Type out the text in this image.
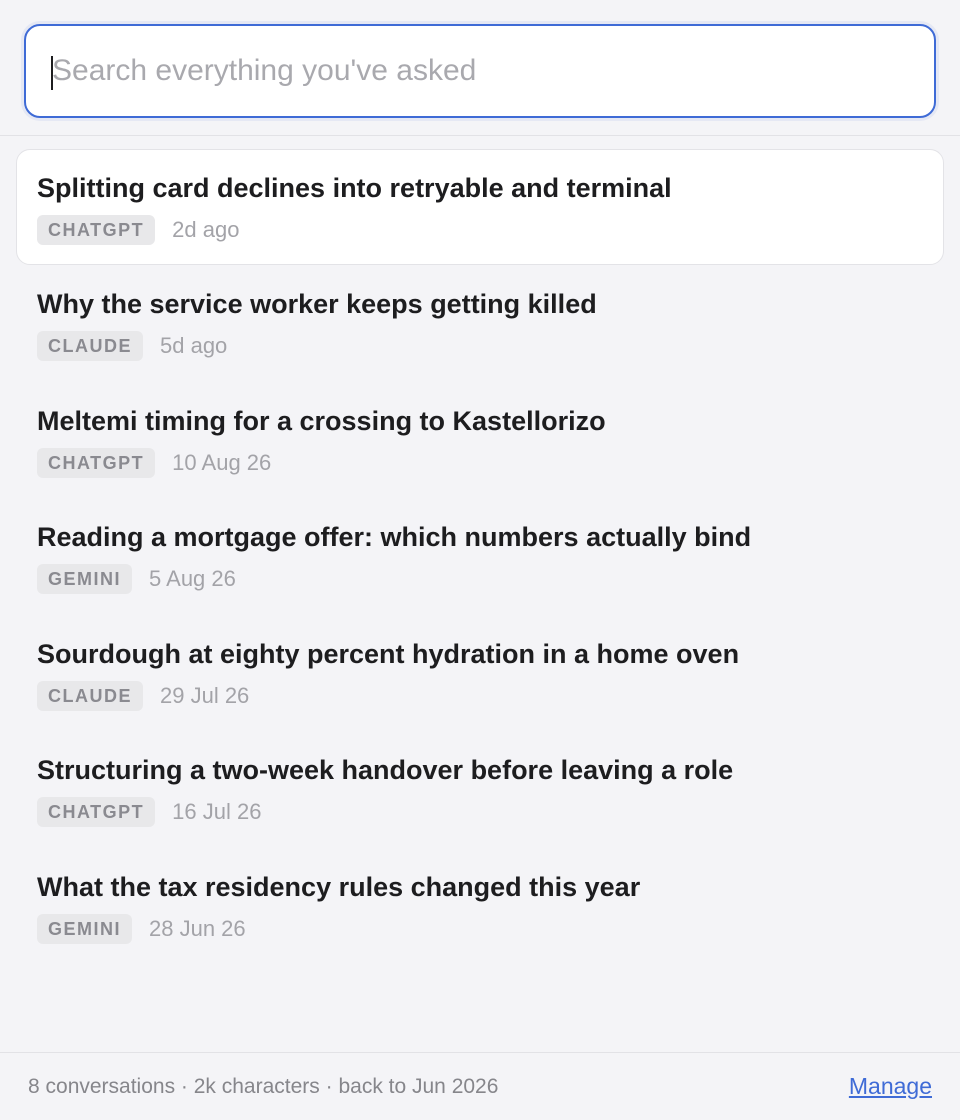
Search everything you've asked
Splitting card declines into retryable and terminal
CHATGPT	2d ago
Why the service worker keeps getting killed
CLAUDE	5d ago
Meltemi timing for a crossing to Kastellorizo
CHATGPT	10 Aug 26
Reading a mortgage offer: which numbers actually bind
GEMINI	5 Aug 26
Sourdough at eighty percent hydration in a home oven
CLAUDE	29 Jul 26
Structuring a two-week handover before leaving a role
CHATGPT	16 Jul 26
What the tax residency rules changed this year
GEMINI	28 Jun 26
8 conversations · 2k characters · back to Jun 2026	Manage
